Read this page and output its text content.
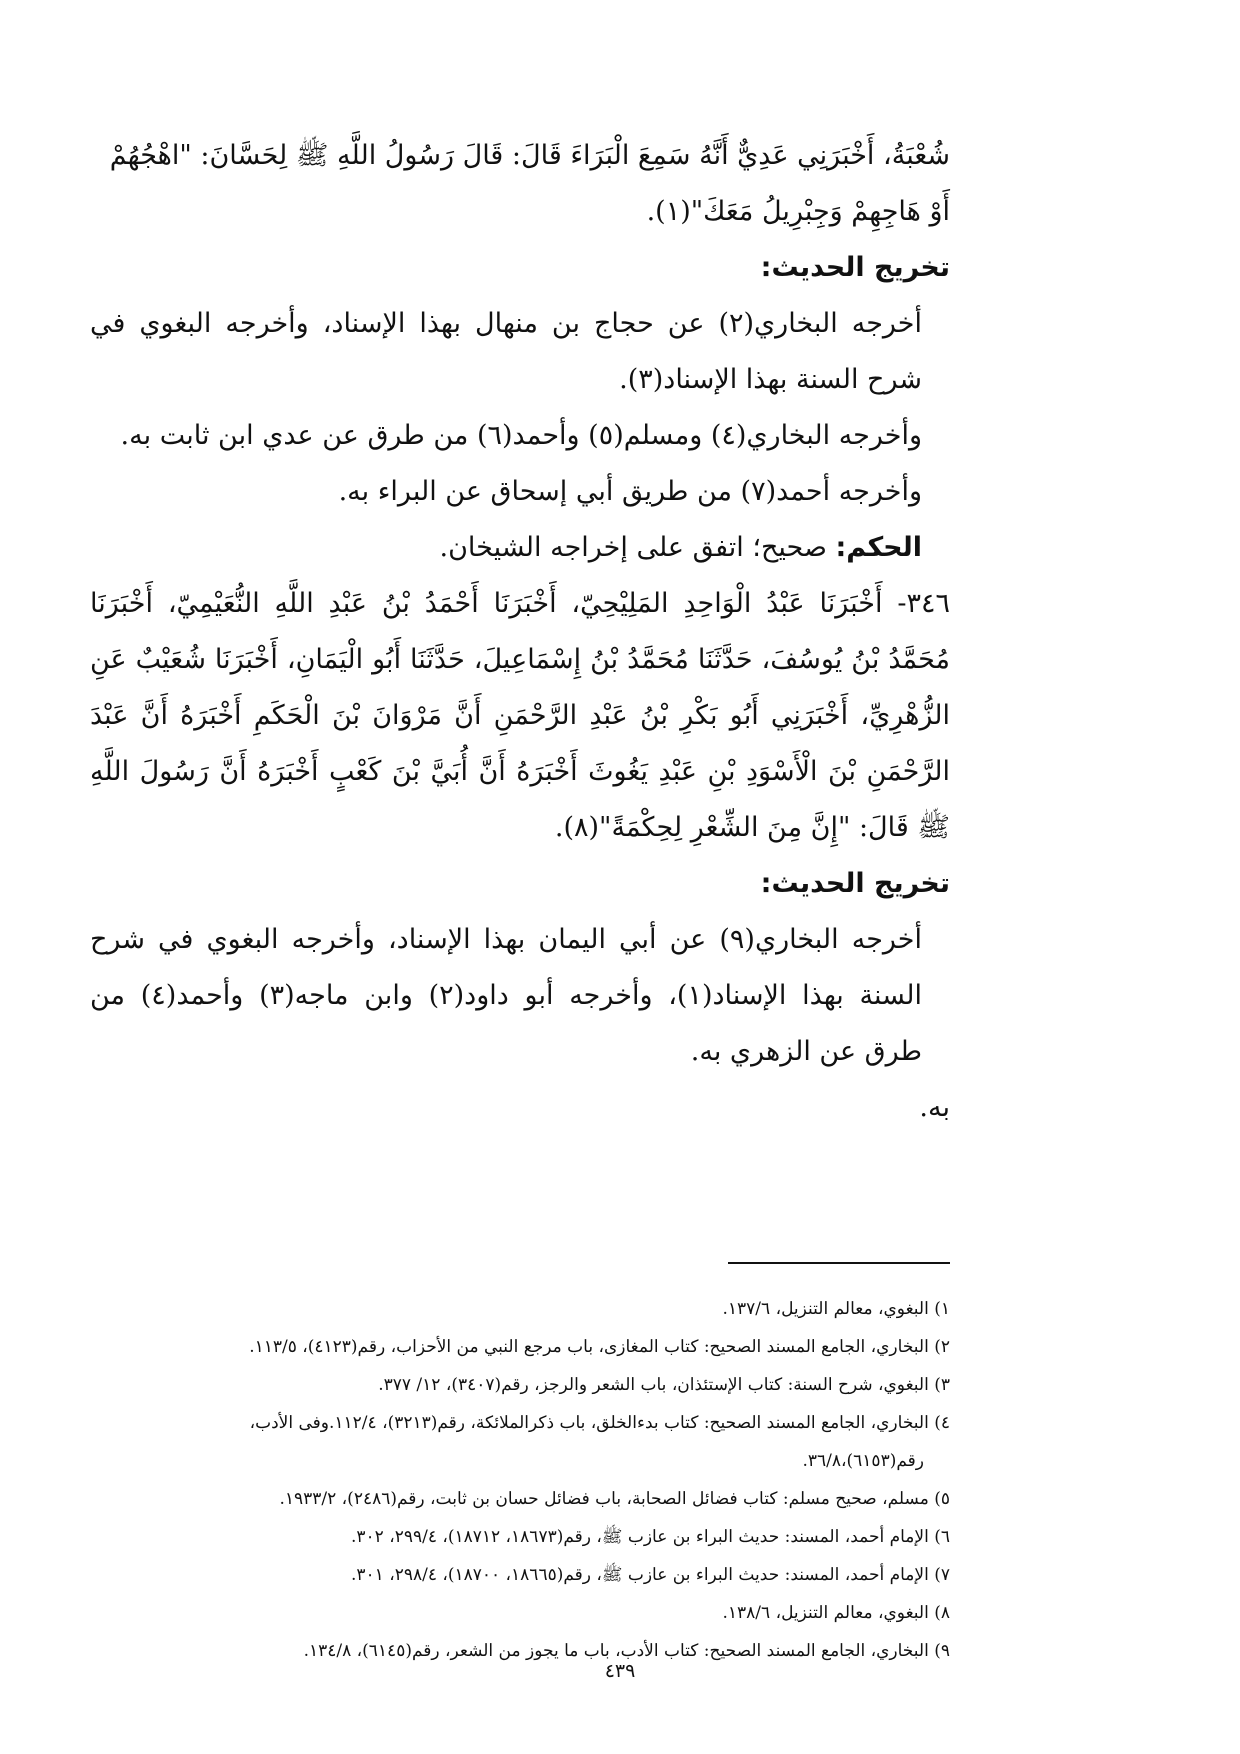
شُعْبَةُ، أَخْبَرَنِي عَدِيٌّ أَنَّهُ سَمِعَ الْبَرَاءَ قَالَ: قَالَ رَسُولُ اللَّهِ ﷺ لِحَسَّانَ: "اهْجُهُمْ

أَوْ هَاجِهِمْ وَجِبْرِيلُ مَعَكَ"(١).

تخريج الحديث:

أخرجه البخاري(٢) عن حجاج بن منهال بهذا الإسناد، وأخرجه البغوي في شرح السنة بهذا الإسناد(٣).

وأخرجه البخاري(٤) ومسلم(٥) وأحمد(٦) من طرق عن عدي ابن ثابت به.

وأخرجه أحمد(٧) من طريق أبي إسحاق عن البراء به.

الحكم: صحيح؛ اتفق على إخراجه الشيخان.

٣٤٦- أَخْبَرَنَا عَبْدُ الْوَاحِدِ المَلِيْحِيّ، أَخْبَرَنَا أَحْمَدُ بْنُ عَبْدِ اللَّهِ النُّعَيْمِيّ، أَخْبَرَنَا مُحَمَّدُ بْنُ يُوسُفَ، حَدَّثَنَا مُحَمَّدُ بْنُ إِسْمَاعِيلَ، حَدَّثَنَا أَبُو الْيَمَانِ، أَخْبَرَنَا شُعَيْبٌ عَنِ الزُّهْرِيِّ، أَخْبَرَنِي أَبُو بَكْرِ بْنُ عَبْدِ الرَّحْمَنِ أَنَّ مَرْوَانَ بْنَ الْحَكَمِ أَخْبَرَهُ أَنَّ عَبْدَ الرَّحْمَنِ بْنَ الْأَسْوَدِ بْنِ عَبْدِ يَغُوثَ أَخْبَرَهُ أَنَّ أُبَيَّ بْنَ كَعْبٍ أَخْبَرَهُ أَنَّ رَسُولَ اللَّهِ ﷺ قَالَ: "إِنَّ مِنَ الشِّعْرِ لِحِكْمَةً"(٨).

تخريج الحديث:

أخرجه البخاري(٩) عن أبي اليمان بهذا الإسناد، وأخرجه البغوي في شرح السنة بهذا الإسناد(١)، وأخرجه أبو داود(٢) وابن ماجه(٣) وأحمد(٤) من طرق عن الزهري به.

به.

١) البغوي، معالم التنزيل، ١٣٧/٦.

٢) البخاري، الجامع المسند الصحيح: كتاب المغازى، باب مرجع النبي من الأحزاب، رقم(٤١٢٣)، ١١٣/٥.

٣) البغوي، شرح السنة: كتاب الإستئذان، باب الشعر والرجز، رقم(٣٤٠٧)، ١٢/ ٣٧٧.

٤) البخاري، الجامع المسند الصحيح: كتاب بدءالخلق، باب ذكرالملائكة، رقم(٣٢١٣)، ١١٢/٤.وفى الأدب،

رقم(٦١٥٣)،٣٦/٨.

٥) مسلم، صحيح مسلم: كتاب فضائل الصحابة، باب فضائل حسان بن ثابت، رقم(٢٤٨٦)، ١٩٣٣/٢.

٦) الإمام أحمد، المسند: حديث البراء بن عازب ﷺ، رقم(١٨٦٧٣، ١٨٧١٢)، ٢٩٩/٤، ٣٠٢.

٧) الإمام أحمد، المسند: حديث البراء بن عازب ﷺ، رقم(١٨٦٦٥، ١٨٧٠٠)، ٢٩٨/٤، ٣٠١.

٨) البغوي، معالم التنزيل، ١٣٨/٦.

٩) البخاري، الجامع المسند الصحيح: كتاب الأدب، باب ما يجوز من الشعر، رقم(٦١٤٥)، ١٣٤/٨.

٤٣٩
